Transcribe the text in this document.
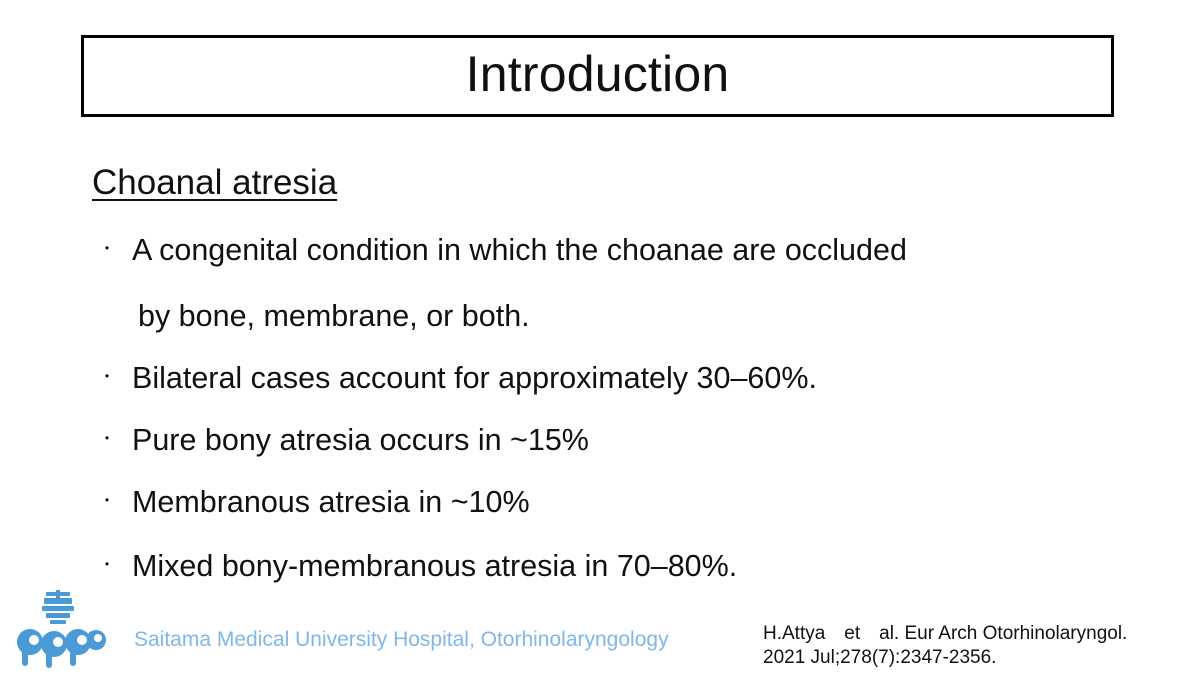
Introduction
Choanal atresia
・ A congenital condition in which the choanae are occluded
by bone, membrane, or both.
・ Bilateral cases account for approximately 30–60%.
・ Pure bony atresia occurs in ~15%
・ Membranous atresia in ~10%
・ Mixed bony-membranous atresia in 70–80%.
Saitama Medical University Hospital, Otorhinolaryngology	H.Attya　et　al. Eur Arch Otorhinolaryngol.
2021 Jul;278(7):2347-2356.
